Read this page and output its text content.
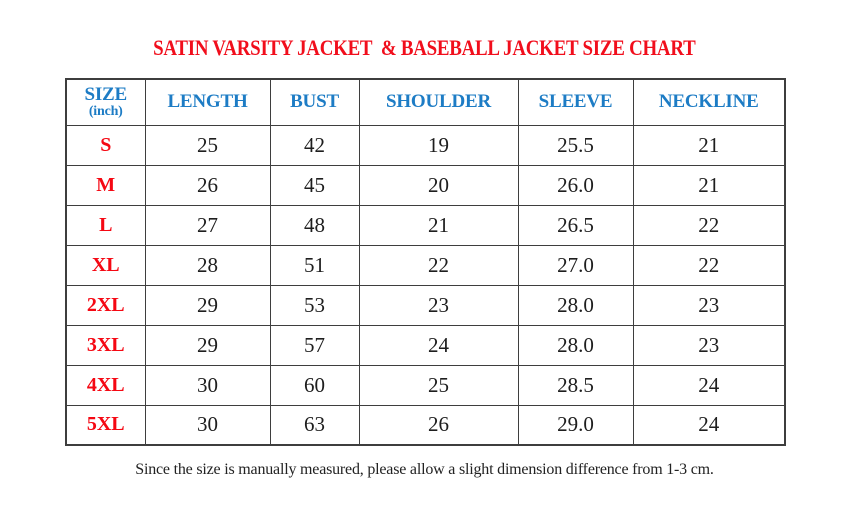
SATIN VARSITY JACKET  & BASEBALL JACKET SIZE CHART
SIZE
(inch)	LENGTH	BUST	SHOULDER	SLEEVE	NECKLINE
S	25	42	19	25.5	21
M	26	45	20	26.0	21
L	27	48	21	26.5	22
XL	28	51	22	27.0	22
2XL	29	53	23	28.0	23
3XL	29	57	24	28.0	23
4XL	30	60	25	28.5	24
5XL	30	63	26	29.0	24
Since the size is manually measured, please allow a slight dimension difference from 1-3 cm.
